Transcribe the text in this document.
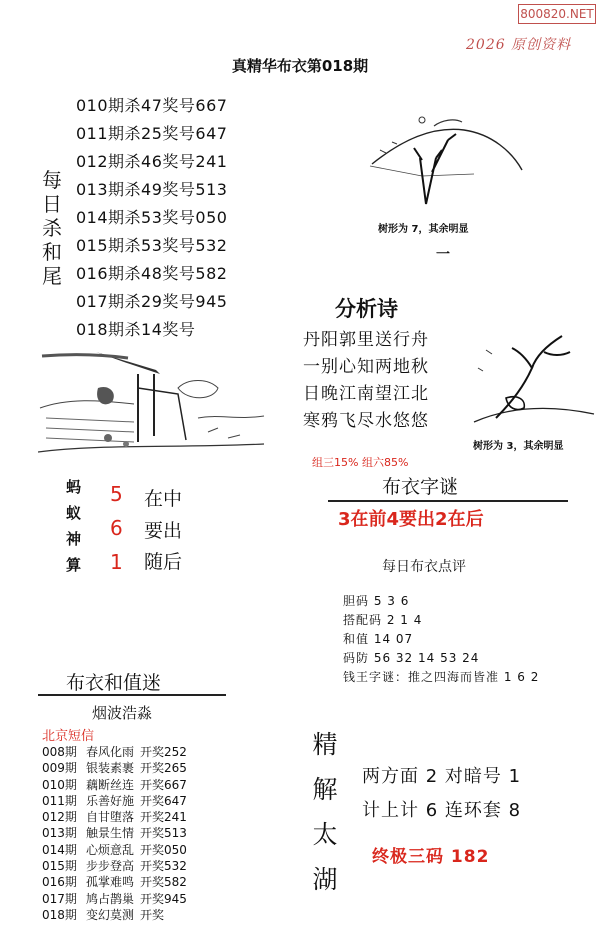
800820.NET
2026 原创资料
真精华布衣第018期
010期杀47奖号667
011期杀25奖号647
012期杀46奖号241
013期杀49奖号513
014期杀53奖号050
015期杀53奖号532
016期杀48奖号582
017期杀29奖号945
018期杀14奖号
每
日
杀
和
尾
树形为 7，其余明显
一
分析诗
丹阳郭里送行舟
一别心知两地秋
日晚江南望江北
寒鸦飞尽水悠悠
树形为 3，其余明显
组三15% 组六85%
蚂
蚁
神
算
5 在中
6 要出
1 随后
布衣字谜
3在前4要出2在后
每日布衣点评
胆码 5 3 6
搭配码 2 1 4
和值 14 07
码防 56 32 14 53 24
钱王字谜：推之四海而皆准 1 6 2
布衣和值迷
烟波浩淼
北京短信
008期 春风化雨 开奖252
009期 银装素裹 开奖265
010期 藕断丝连 开奖667
011期 乐善好施 开奖647
012期 自甘堕落 开奖241
013期 触景生情 开奖513
014期 心烦意乱 开奖050
015期 步步登高 开奖532
016期 孤掌难鸣 开奖582
017期 鸠占鹊巢 开奖945
018期 变幻莫测 开奖
精
解
太
湖
两方面 2 对暗号 1
计上计 6 连环套 8
终极三码 182
